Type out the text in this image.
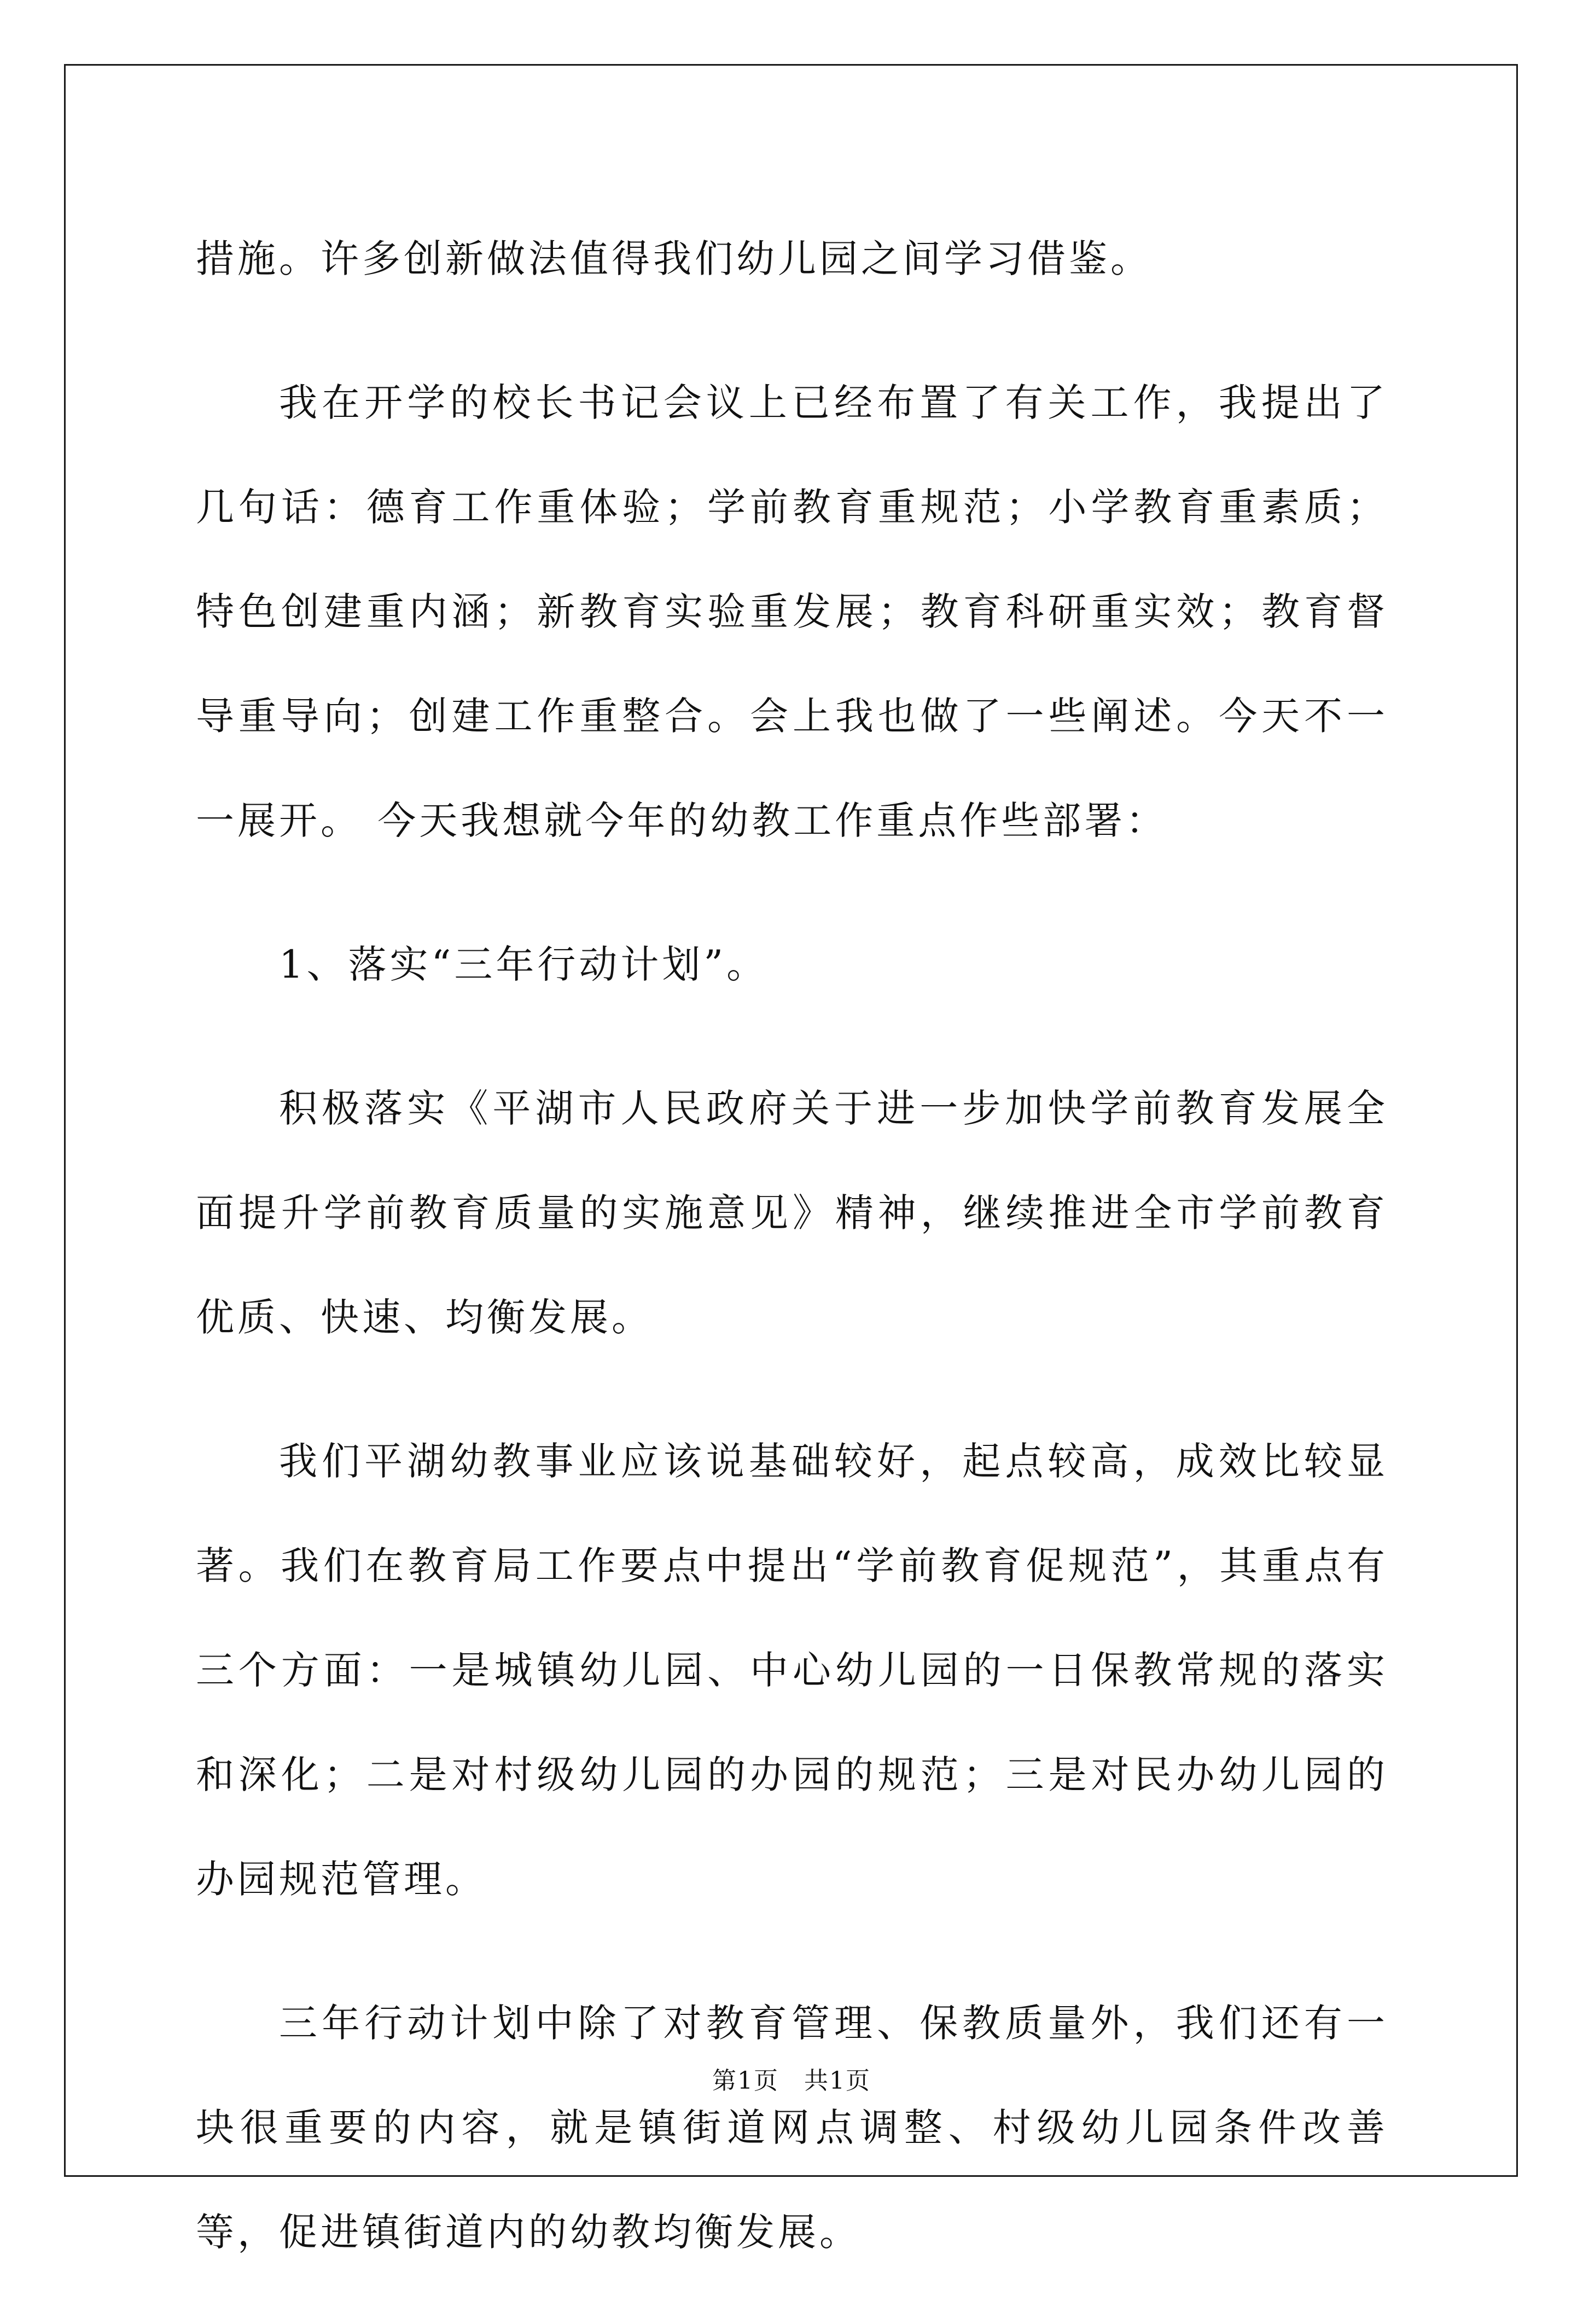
措施。许多创新做法值得我们幼儿园之间学习借鉴。

我在开学的校长书记会议上已经布置了有关工作，我提出了几句话：德育工作重体验；学前教育重规范；小学教育重素质；特色创建重内涵；新教育实验重发展；教育科研重实效；教育督导重导向；创建工作重整合。会上我也做了一些阐述。今天不一一展开。 今天我想就今年的幼教工作重点作些部署：

1、落实“三年行动计划”。

积极落实《平湖市人民政府关于进一步加快学前教育发展全面提升学前教育质量的实施意见》精神，继续推进全市学前教育优质、快速、均衡发展。

我们平湖幼教事业应该说基础较好，起点较高，成效比较显著。我们在教育局工作要点中提出“学前教育促规范”，其重点有三个方面：一是城镇幼儿园、中心幼儿园的一日保教常规的落实和深化；二是对村级幼儿园的办园的规范；三是对民办幼儿园的办园规范管理。

三年行动计划中除了对教育管理、保教质量外，我们还有一块很重要的内容，就是镇街道网点调整、村级幼儿园条件改善等，促进镇街道内的幼教均衡发展。

第1页　共1页
